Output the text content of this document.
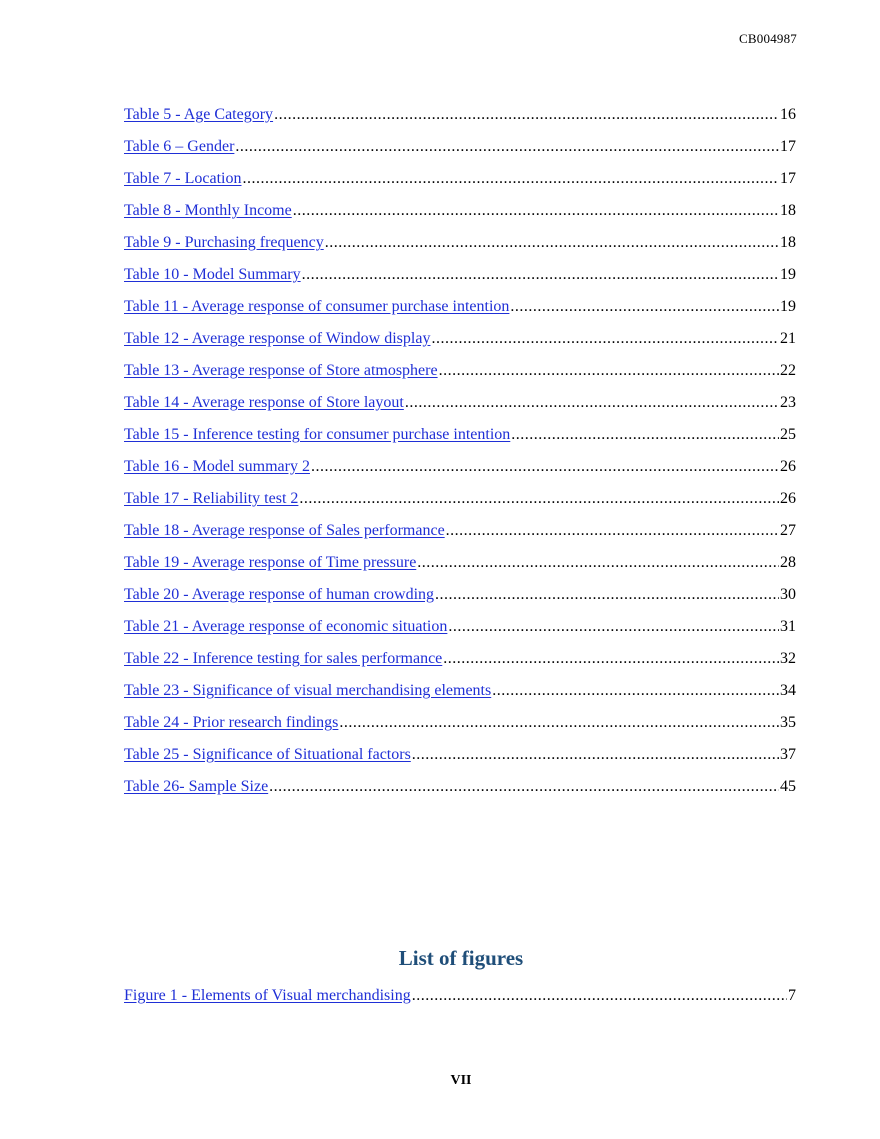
CB004987
Table 5 - Age Category .....	16
Table 6 – Gender .....	17
Table 7 - Location .....	17
Table 8 - Monthly Income .....	18
Table 9 - Purchasing frequency .....	18
Table 10 - Model Summary .....	19
Table 11 - Average response of consumer purchase intention .....	19
Table 12 - Average response of Window display .....	21
Table 13 - Average response of Store atmosphere .....	22
Table 14 - Average response of Store layout .....	23
Table 15 - Inference testing for consumer purchase intention .....	25
Table 16 - Model summary 2 .....	26
Table 17 - Reliability test 2 .....	26
Table 18 - Average response of Sales performance .....	27
Table 19 - Average response of Time pressure .....	28
Table 20 - Average response of human crowding .....	30
Table 21 - Average response of economic situation .....	31
Table 22 - Inference testing for sales performance .....	32
Table 23 - Significance of visual merchandising elements .....	34
Table 24 - Prior research findings .....	35
Table 25 - Significance of Situational factors .....	37
Table 26- Sample Size .....	45
List of figures
Figure 1 - Elements of Visual merchandising .....	7
VII
